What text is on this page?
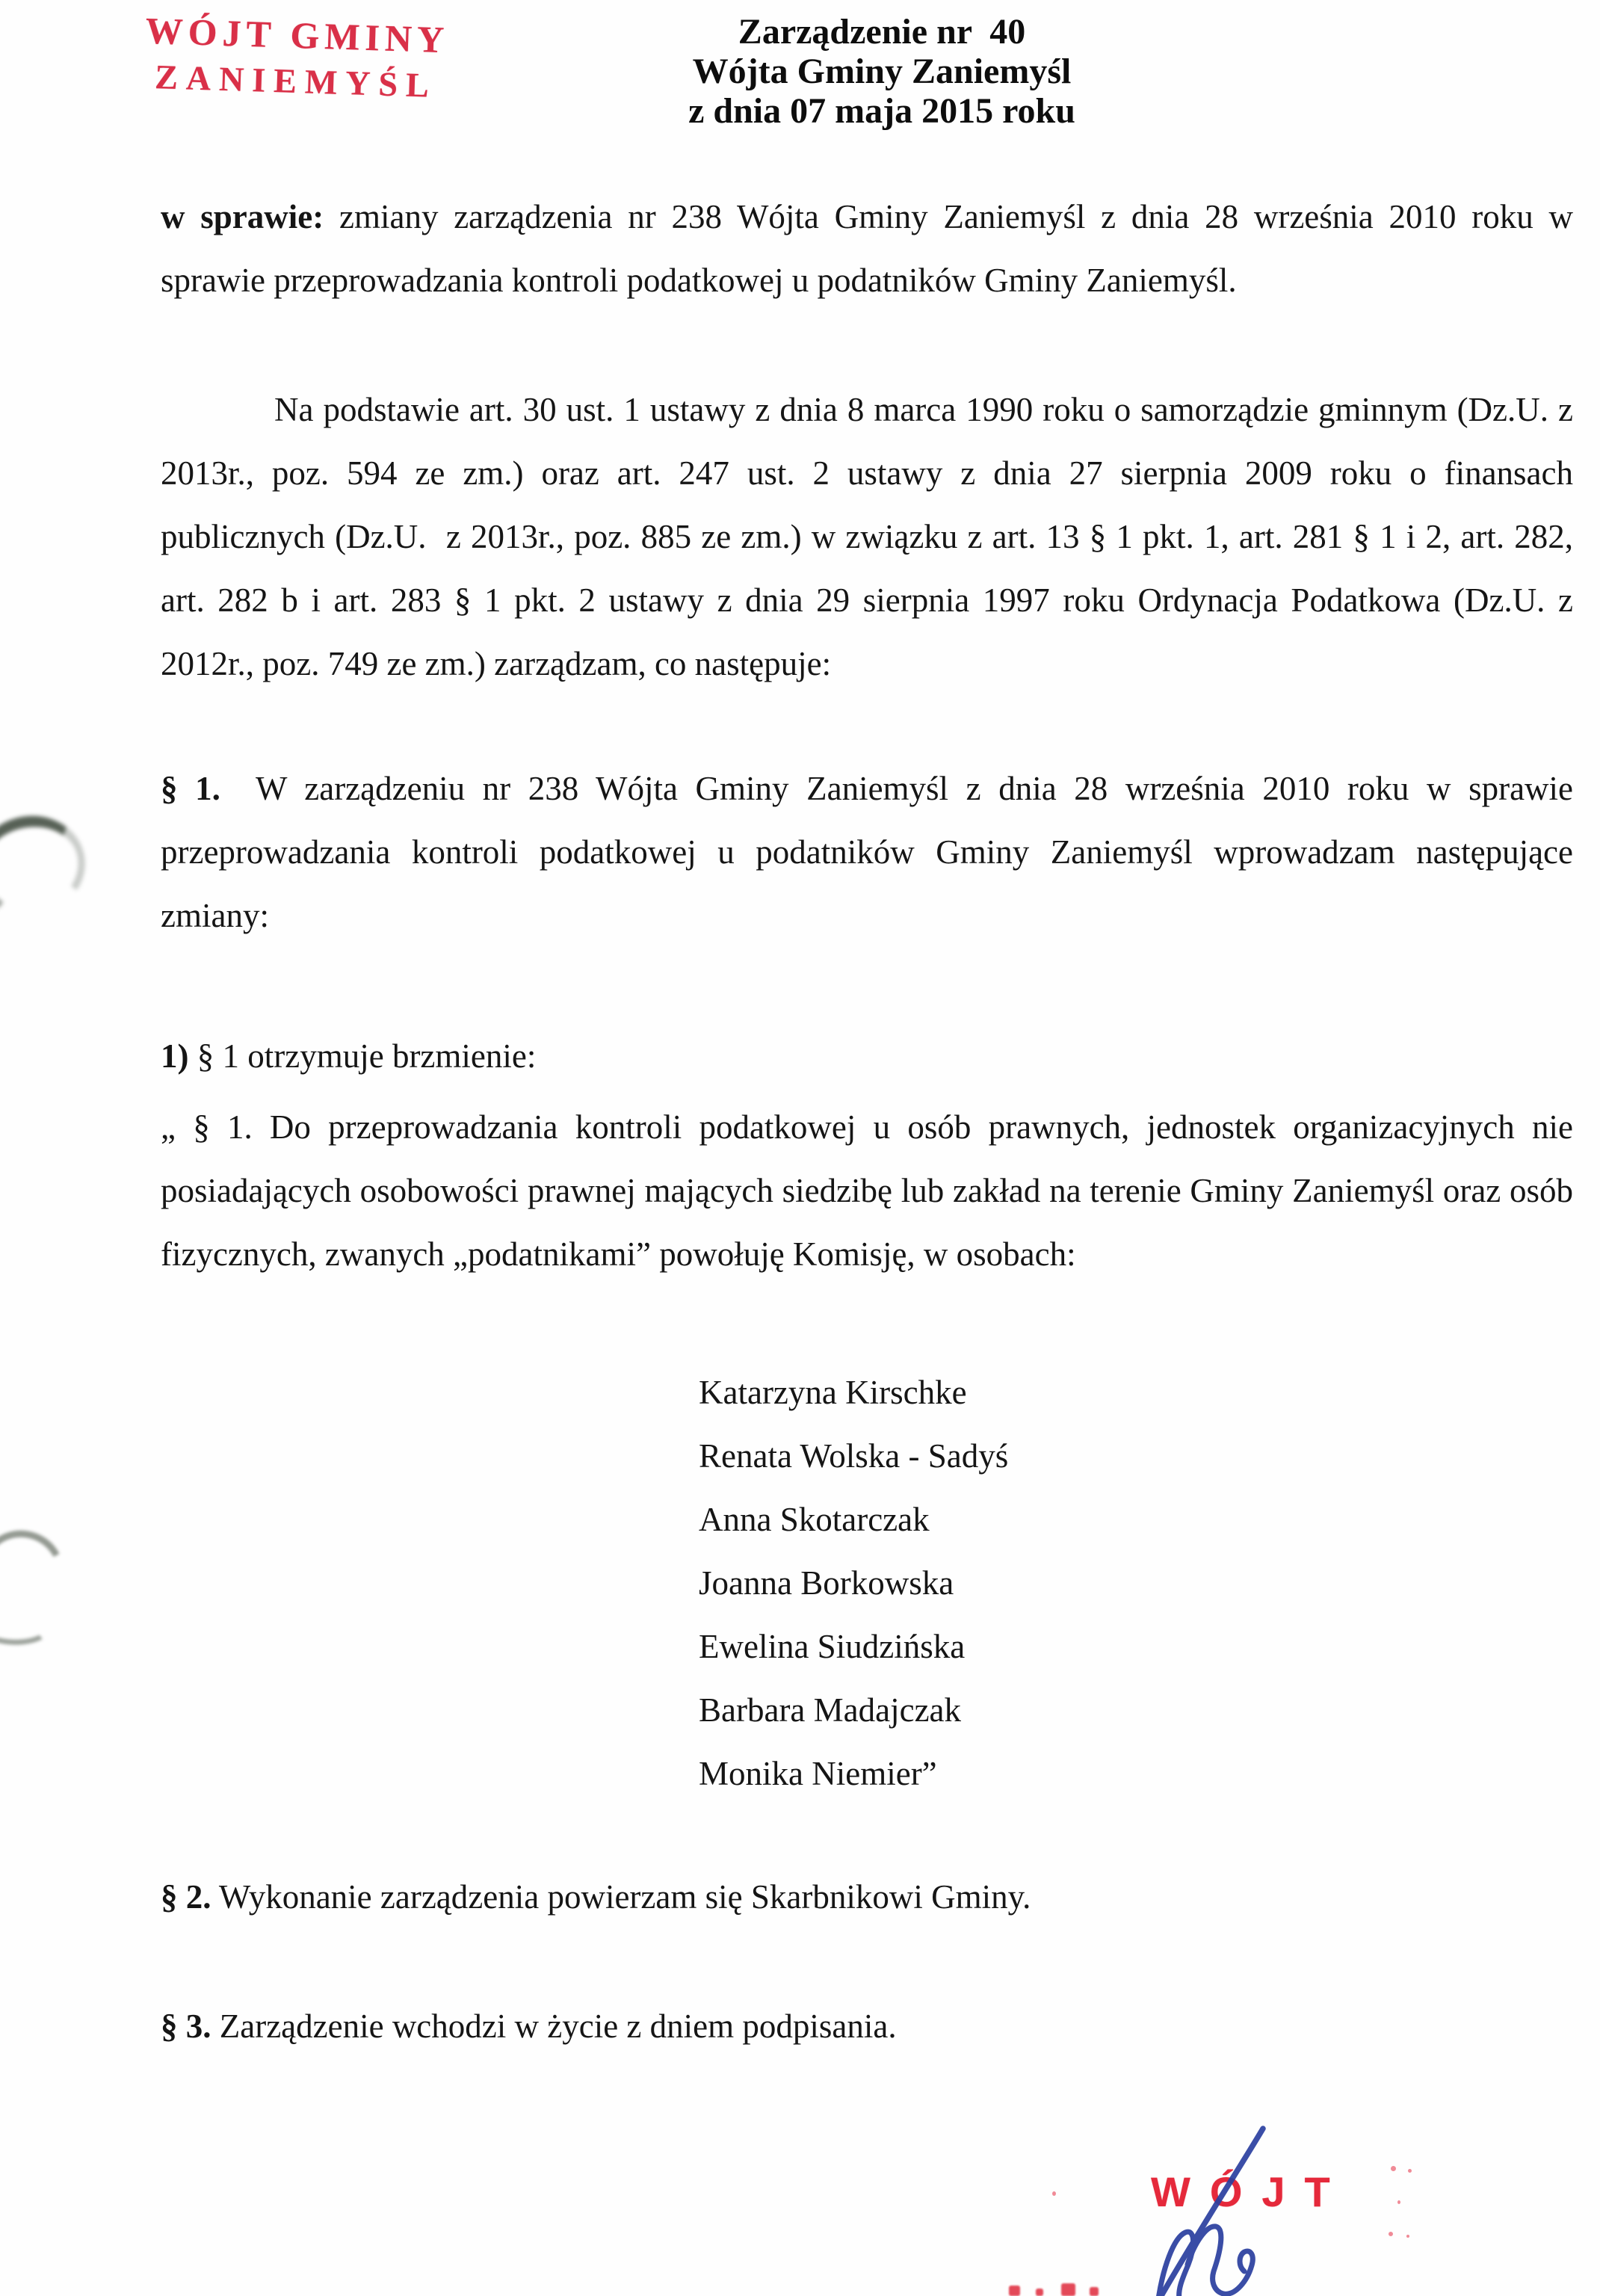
WÓJT GMINY
ZANIEMYŚL
Zarządzenie nr  40
Wójta Gminy Zaniemyśl
z dnia 07 maja 2015 roku
w sprawie: zmiany zarządzenia nr 238 Wójta Gminy Zaniemyśl z dnia 28 września 2010 roku w sprawie przeprowadzania kontroli podatkowej u podatników Gminy Zaniemyśl.
Na podstawie art. 30 ust. 1 ustawy z dnia 8 marca 1990 roku o samorządzie gminnym (Dz.U. z 2013r., poz. 594 ze zm.) oraz art. 247 ust. 2 ustawy z dnia 27 sierpnia 2009 roku o finansach publicznych (Dz.U.  z 2013r., poz. 885 ze zm.) w związku z art. 13 § 1 pkt. 1, art. 281 § 1 i 2, art. 282, art. 282 b i art. 283 § 1 pkt. 2 ustawy z dnia 29 sierpnia 1997 roku Ordynacja Podatkowa (Dz.U. z 2012r., poz. 749 ze zm.) zarządzam, co następuje:
§ 1.  W zarządzeniu nr 238 Wójta Gminy Zaniemyśl z dnia 28 września 2010 roku w sprawie przeprowadzania kontroli podatkowej u podatników Gminy Zaniemyśl wprowadzam następujące zmiany:
1) § 1 otrzymuje brzmienie:
„ § 1. Do przeprowadzania kontroli podatkowej u osób prawnych, jednostek organizacyjnych nie posiadających osobowości prawnej mających siedzibę lub zakład na terenie Gminy Zaniemyśl oraz osób fizycznych, zwanych „podatnikami” powołuję Komisję, w osobach:
Katarzyna Kirschke
Renata Wolska - Sadyś
Anna Skotarczak
Joanna Borkowska
Ewelina Siudzińska
Barbara Madajczak
Monika Niemier”
§ 2. Wykonanie zarządzenia powierzam się Skarbnikowi Gminy.
§ 3. Zarządzenie wchodzi w życie z dniem podpisania.
WÓJT
